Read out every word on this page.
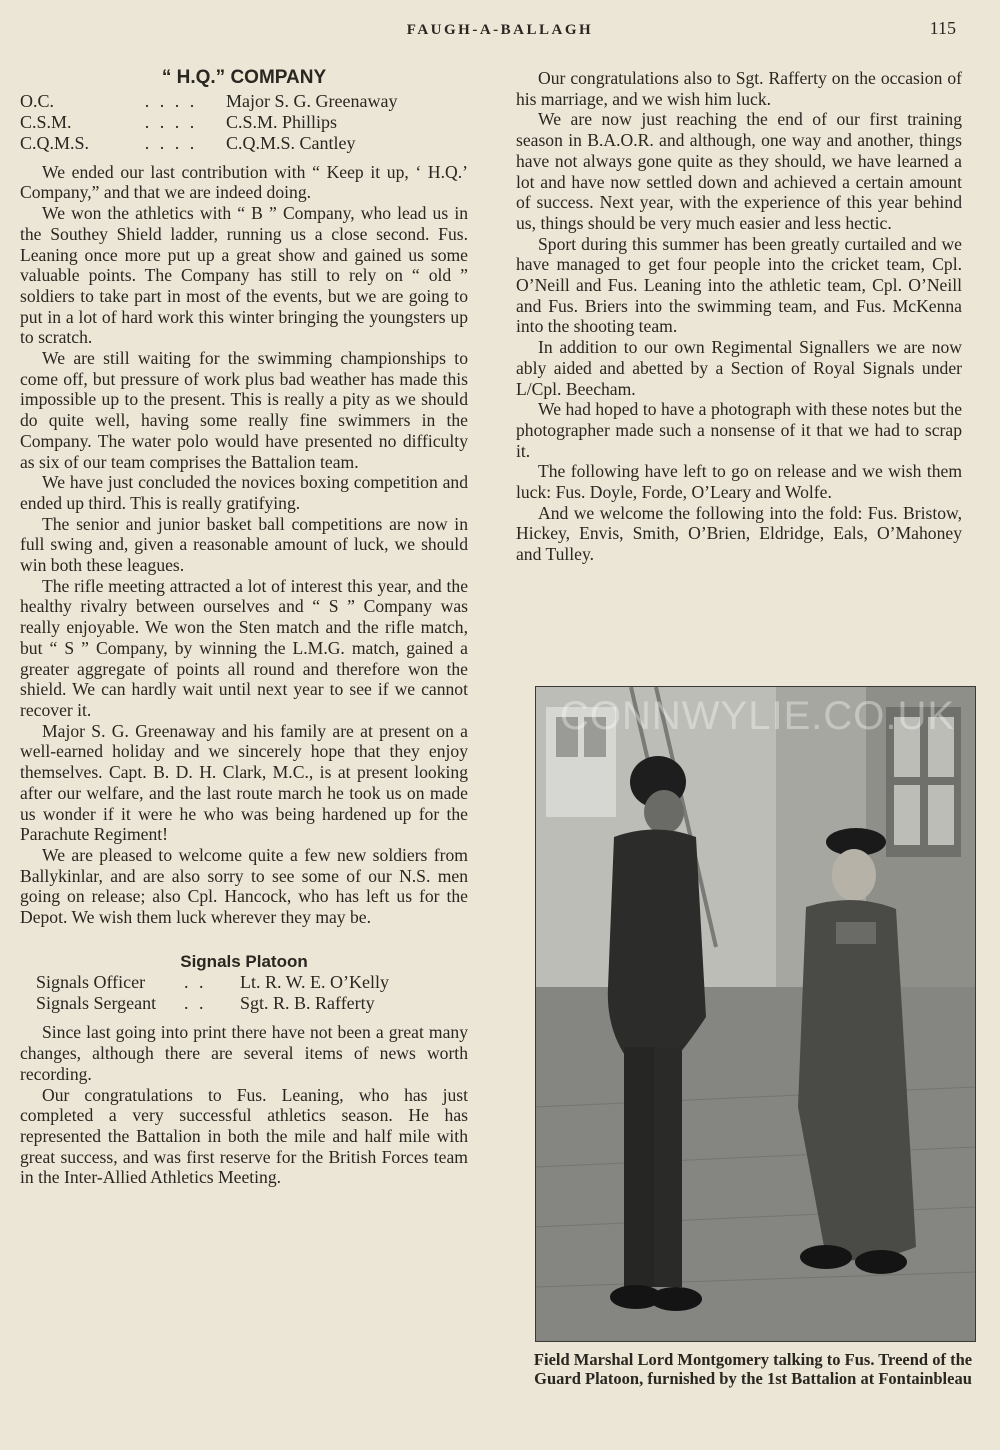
FAUGH-A-BALLAGH	115
“ H.Q.” COMPANY
O.C.	. . . .	Major S. G. Greenaway
C.S.M.	. . . .	C.S.M. Phillips
C.Q.M.S.	. . . .	C.Q.M.S. Cantley

We ended our last contribution with “ Keep it up, ‘ H.Q.’ Company,” and that we are indeed doing.

We won the athletics with “ B ” Company, who lead us in the Southey Shield ladder, running us a close second. Fus. Leaning once more put up a great show and gained us some valuable points. The Company has still to rely on “ old ” soldiers to take part in most of the events, but we are going to put in a lot of hard work this winter bringing the youngsters up to scratch.

We are still waiting for the swimming championships to come off, but pressure of work plus bad weather has made this impossible up to the present. This is really a pity as we should do quite well, having some really fine swimmers in the Company. The water polo would have presented no difficulty as six of our team comprises the Battalion team.

We have just concluded the novices boxing competition and ended up third. This is really gratifying.

The senior and junior basket ball competitions are now in full swing and, given a reasonable amount of luck, we should win both these leagues.

The rifle meeting attracted a lot of interest this year, and the healthy rivalry between ourselves and “ S ” Company was really enjoyable. We won the Sten match and the rifle match, but “ S ” Company, by winning the L.M.G. match, gained a greater aggregate of points all round and therefore won the shield. We can hardly wait until next year to see if we cannot recover it.

Major S. G. Greenaway and his family are at present on a well-earned holiday and we sincerely hope that they enjoy themselves. Capt. B. D. H. Clark, M.C., is at present looking after our welfare, and the last route march he took us on made us wonder if it were he who was being hardened up for the Parachute Regiment!

We are pleased to welcome quite a few new soldiers from Ballykinlar, and are also sorry to see some of our N.S. men going on release; also Cpl. Hancock, who has left us for the Depot. We wish them luck wherever they may be.

Signals Platoon
Signals Officer	. .	Lt. R. W. E. O’Kelly
Signals Sergeant	. .	Sgt. R. B. Rafferty

Since last going into print there have not been a great many changes, although there are several items of news worth recording.

Our congratulations to Fus. Leaning, who has just completed a very successful athletics season. He has represented the Battalion in both the mile and half mile with great success, and was first reserve for the British Forces team in the Inter-Allied Athletics Meeting.

Our congratulations also to Sgt. Rafferty on the occasion of his marriage, and we wish him luck.

We are now just reaching the end of our first training season in B.A.O.R. and although, one way and another, things have not always gone quite as they should, we have learned a lot and have now settled down and achieved a certain amount of success. Next year, with the experience of this year behind us, things should be very much easier and less hectic.

Sport during this summer has been greatly curtailed and we have managed to get four people into the cricket team, Cpl. O’Neill and Fus. Leaning into the athletic team, Cpl. O’Neill and Fus. Briers into the swimming team, and Fus. McKenna into the shooting team.

In addition to our own Regimental Signallers we are now ably aided and abetted by a Section of Royal Signals under L/Cpl. Beecham.

We had hoped to have a photograph with these notes but the photographer made such a nonsense of it that we had to scrap it.

The following have left to go on release and we wish them luck: Fus. Doyle, Forde, O’Leary and Wolfe.

And we welcome the following into the fold: Fus. Bristow, Hickey, Envis, Smith, O’Brien, Eldridge, Eals, O’Mahoney and Tulley.

CONNWYLIE.CO.UK
Field Marshal Lord Montgomery talking to Fus. Treend of the Guard Platoon, furnished by the 1st Battalion at Fontainbleau
